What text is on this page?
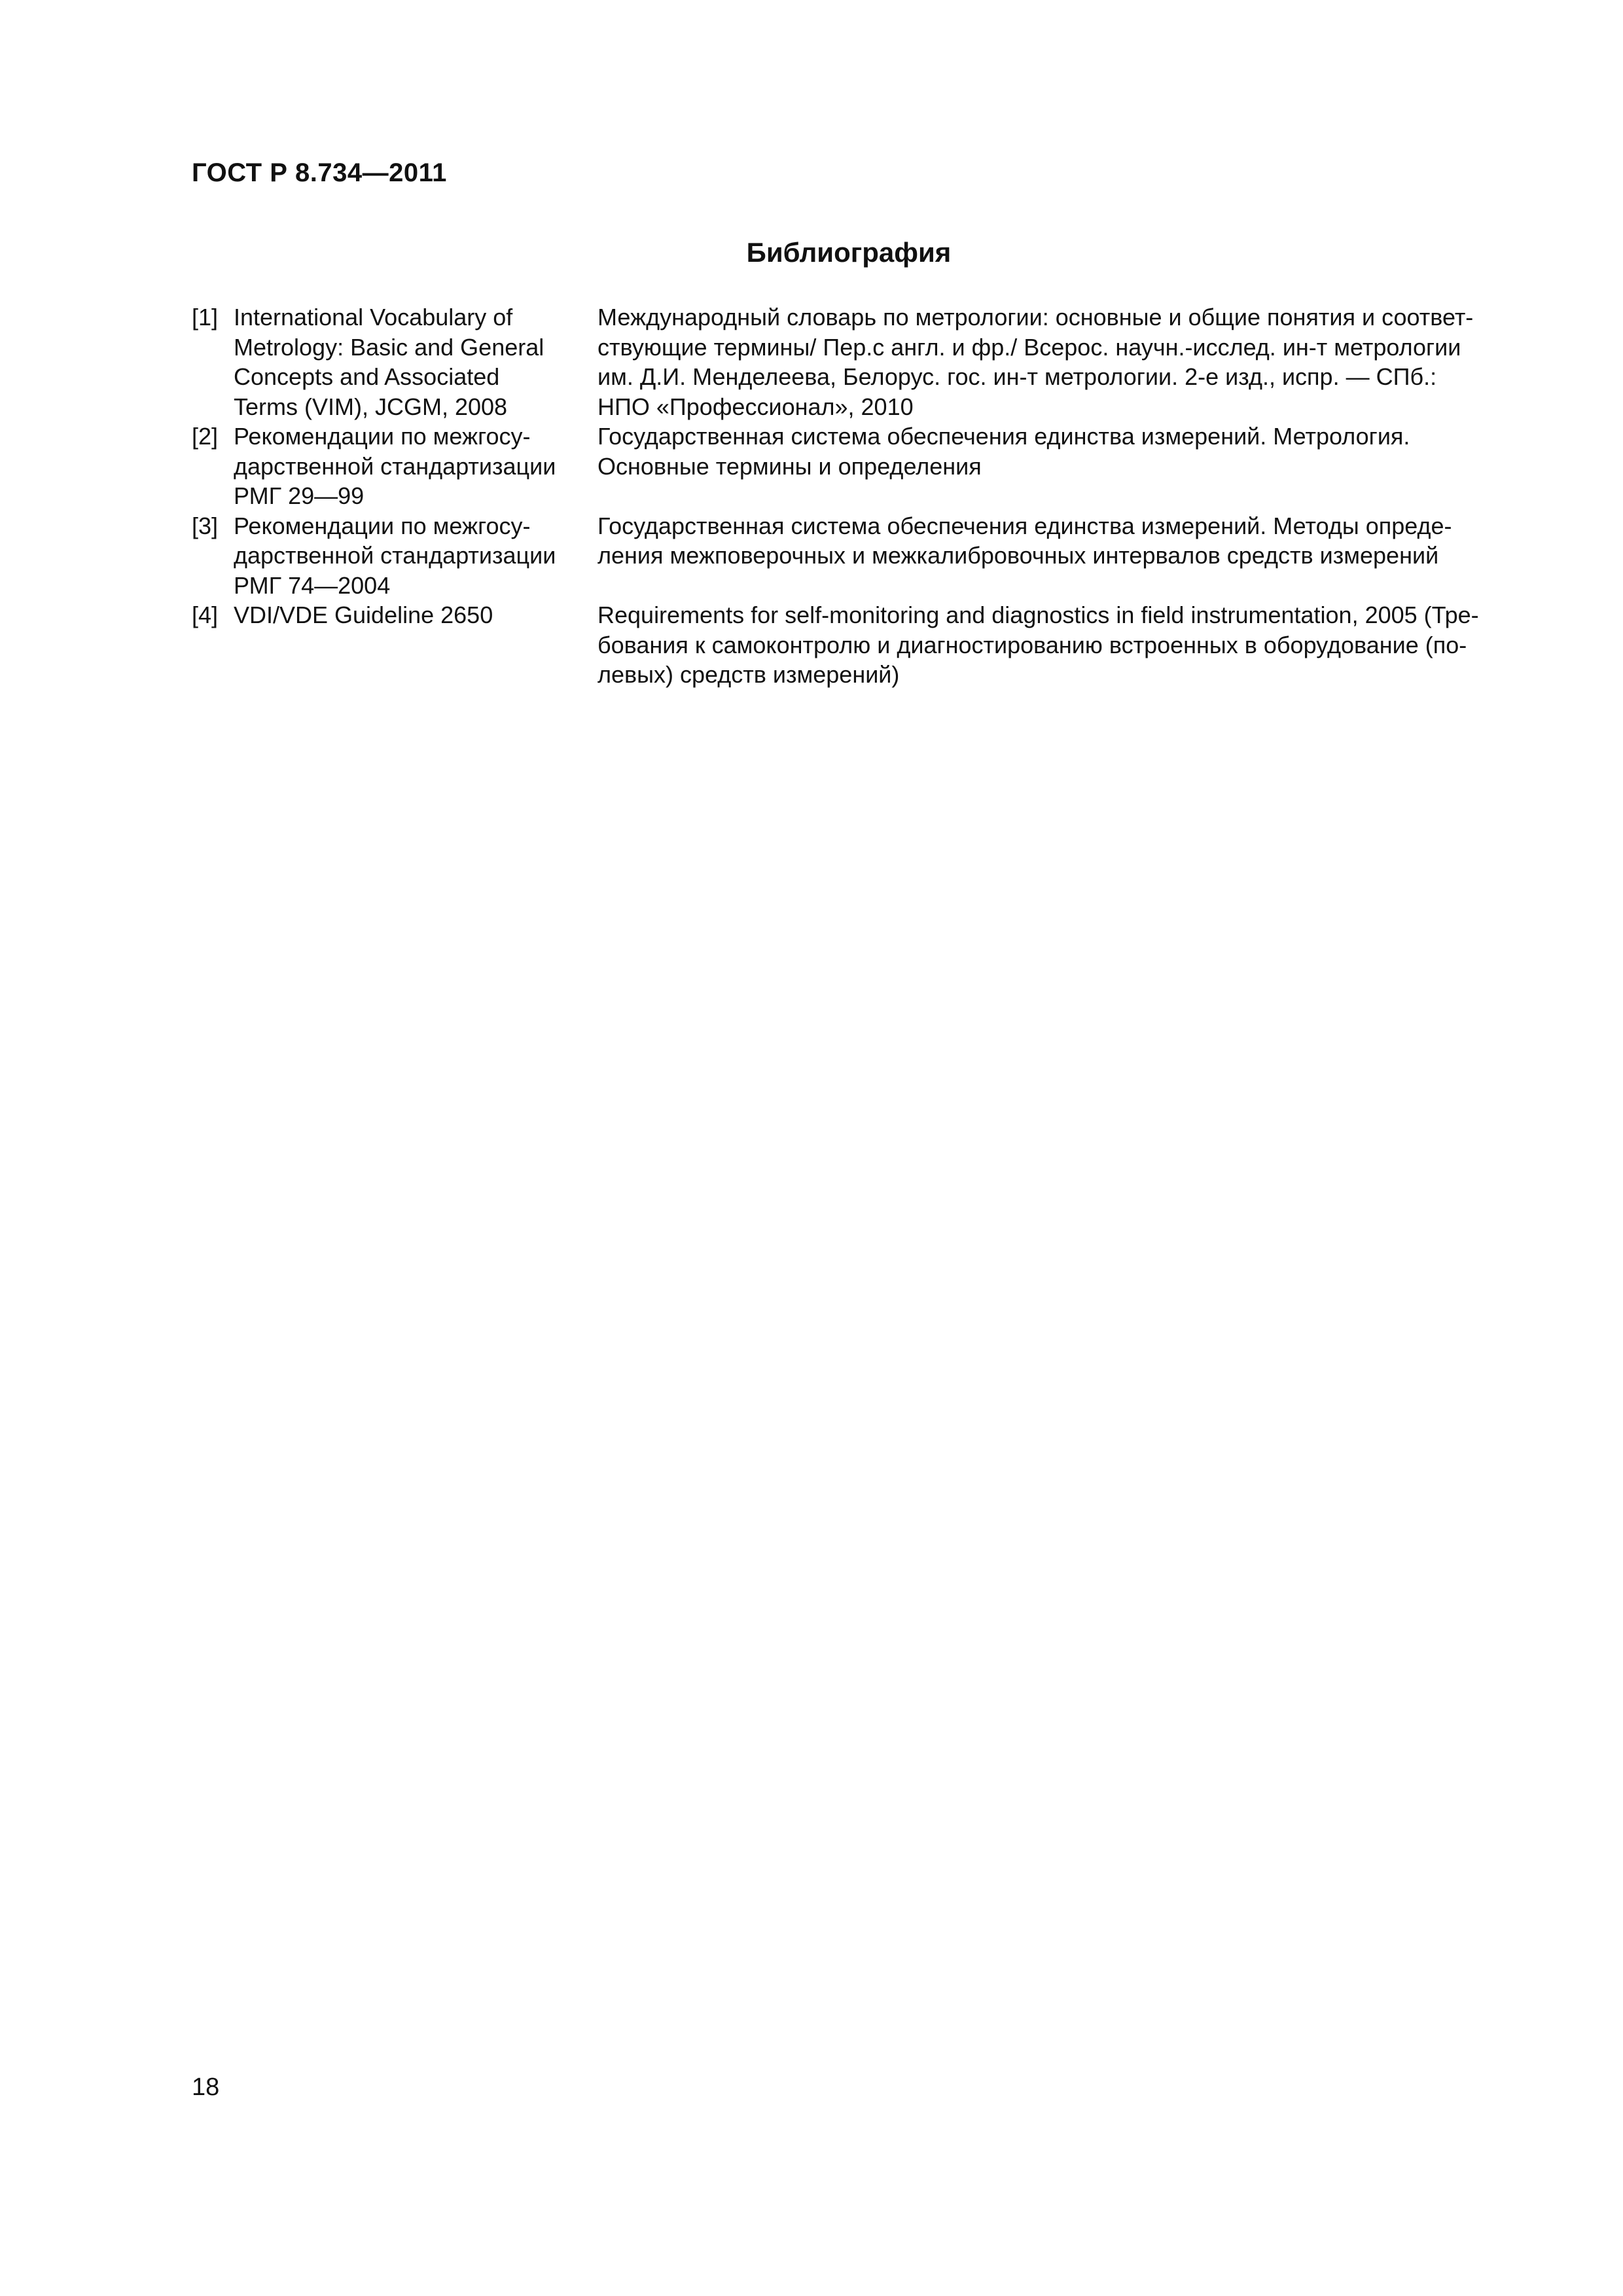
ГОСТ Р 8.734—2011
Библиография
[1] International Vocabulary of
Metrology: Basic and General
Concepts and Associated
Terms (VIM), JCGM, 2008
Международный словарь по метрологии: основные и общие понятия и соответ-
ствующие термины/ Пер.с англ. и фр./ Всерос. научн.-исслед. ин-т метрологии
им. Д.И. Менделеева, Белорус. гос. ин-т метрологии. 2-е изд., испр. — СПб.:
НПО «Профессионал», 2010
[2] Рекомендации по межгосу-
дарственной стандартизации
РМГ 29—99
Государственная система обеспечения единства измерений. Метрология.
Основные термины и определения
[3] Рекомендации по межгосу-
дарственной стандартизации
РМГ 74—2004
Государственная система обеспечения единства измерений. Методы опреде-
ления межповерочных и межкалибровочных интервалов средств измерений
[4] VDI/VDE Guideline 2650	Requirements for self-monitoring and diagnostics in field instrumentation, 2005 (Тре-
бования к самоконтролю и диагностированию встроенных в оборудование (по-
левых) средств измерений)
18
